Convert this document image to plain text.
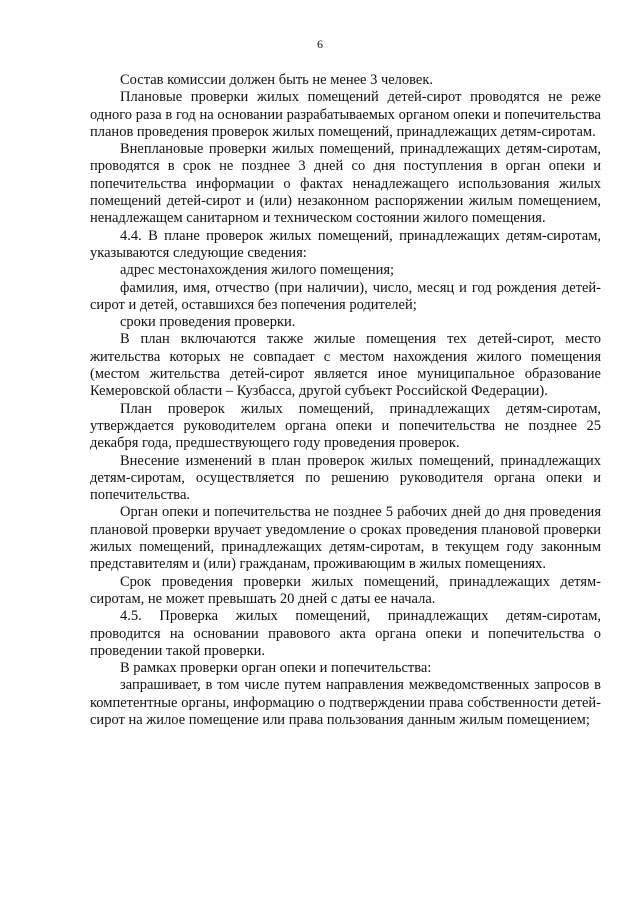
6

Состав комиссии должен быть не менее 3 человек.

Плановые проверки жилых помещений детей-сирот проводятся не реже одного раза в год на основании разрабатываемых органом опеки и попечительства планов проведения проверок жилых помещений, принадлежащих детям-сиротам.

Внеплановые проверки жилых помещений, принадлежащих детям-сиротам, проводятся в срок не позднее 3 дней со дня поступления в орган опеки и попечительства информации о фактах ненадлежащего использования жилых помещений детей-сирот и (или) незаконном распоряжении жилым помещением, ненадлежащем санитарном и техническом состоянии жилого помещения.

4.4. В плане проверок жилых помещений, принадлежащих детям-сиротам, указываются следующие сведения:

адрес местонахождения жилого помещения;

фамилия, имя, отчество (при наличии), число, месяц и год рождения детей-сирот и детей, оставшихся без попечения родителей;

сроки проведения проверки.

В план включаются также жилые помещения тех детей-сирот, место жительства которых не совпадает с местом нахождения жилого помещения (местом жительства детей-сирот является иное муниципальное образование Кемеровской области – Кузбасса, другой субъект Российской Федерации).

План проверок жилых помещений, принадлежащих детям-сиротам, утверждается руководителем органа опеки и попечительства не позднее 25 декабря года, предшествующего году проведения проверок.

Внесение изменений в план проверок жилых помещений, принадлежащих детям-сиротам, осуществляется по решению руководителя органа опеки и попечительства.

Орган опеки и попечительства не позднее 5 рабочих дней до дня проведения плановой проверки вручает уведомление о сроках проведения плановой проверки жилых помещений, принадлежащих детям-сиротам, в текущем году законным представителям и (или) гражданам, проживающим в жилых помещениях.

Срок проведения проверки жилых помещений, принадлежащих детям-сиротам, не может превышать 20 дней с даты ее начала.

4.5. Проверка жилых помещений, принадлежащих детям-сиротам, проводится на основании правового акта органа опеки и попечительства о проведении такой проверки.

В рамках проверки орган опеки и попечительства:

запрашивает, в том числе путем направления межведомственных запросов в компетентные органы, информацию о подтверждении права собственности детей-сирот на жилое помещение или права пользования данным жилым помещением;
